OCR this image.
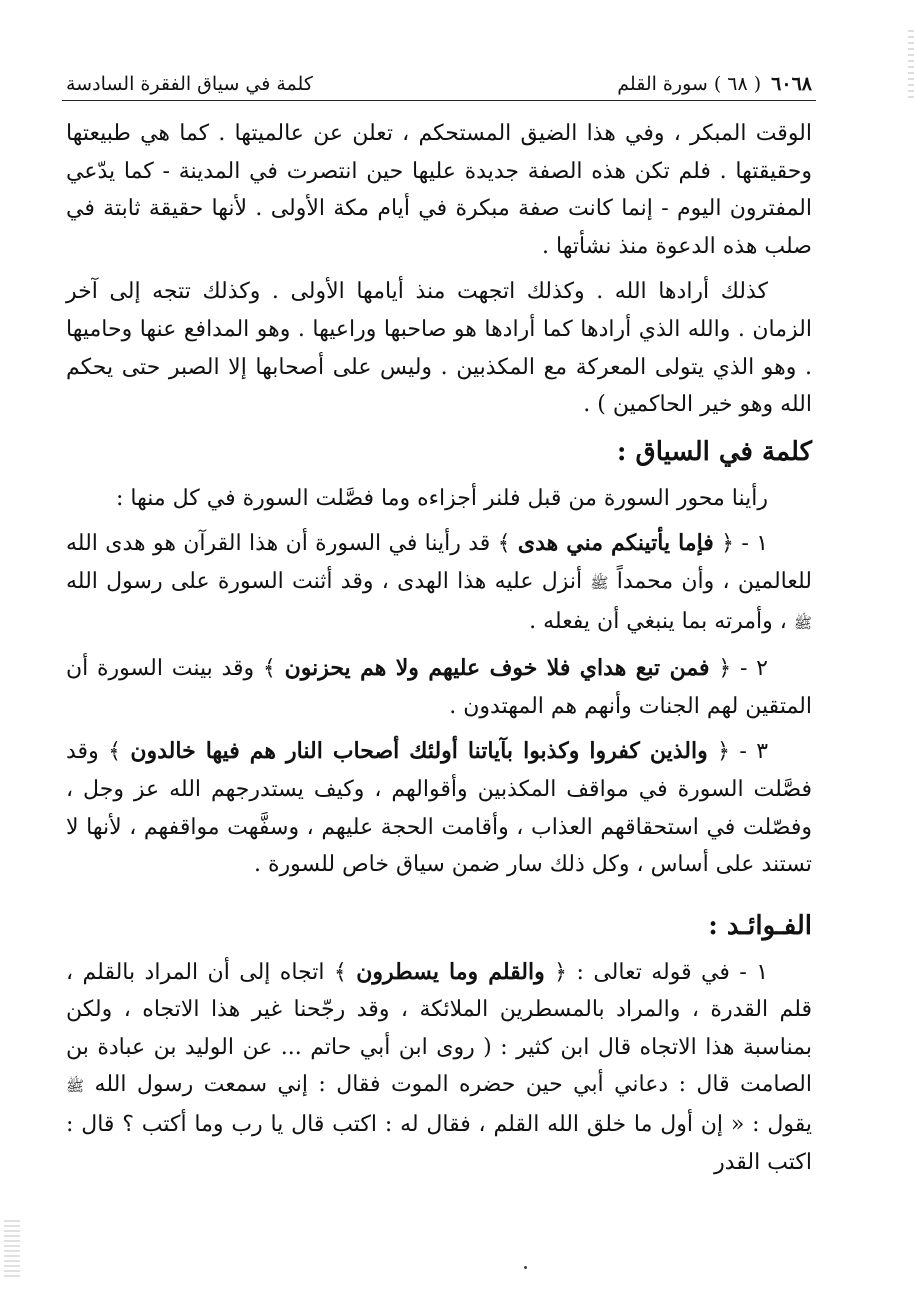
٦٠٦٨
( ٦٨ ) سورة القلم
كلمة في سياق الفقرة السادسة

الوقت المبكر ، وفي هذا الضيق المستحكم ، تعلن عن عالميتها . كما هي طبيعتها وحقيقتها . فلم تكن هذه الصفة جديدة عليها حين انتصرت في المدينة - كما يدّعي المفترون اليوم - إنما كانت صفة مبكرة في أيام مكة الأولى . لأنها حقيقة ثابتة في صلب هذه الدعوة منذ نشأتها .

كذلك أرادها الله . وكذلك اتجهت منذ أيامها الأولى . وكذلك تتجه إلى آخر الزمان . والله الذي أرادها كما أرادها هو صاحبها وراعيها . وهو المدافع عنها وحاميها . وهو الذي يتولى المعركة مع المكذبين . وليس على أصحابها إلا الصبر حتى يحكم الله وهو خير الحاكمين ) .

كلمة في السياق :

رأينا محور السورة من قبل فلنر أجزاءه وما فصَّلت السورة في كل منها :

١ - ﴿ فإما يأتينكم مني هدى ﴾ قد رأينا في السورة أن هذا القرآن هو هدى الله للعالمين ، وأن محمداً ﷺ أنزل عليه هذا الهدى ، وقد أثنت السورة على رسول الله ﷺ ، وأمرته بما ينبغي أن يفعله .

٢ - ﴿ فمن تبع هداي فلا خوف عليهم ولا هم يحزنون ﴾ وقد بينت السورة أن المتقين لهم الجنات وأنهم هم المهتدون .

٣ - ﴿ والذين كفروا وكذبوا بآياتنا أولئك أصحاب النار هم فيها خالدون ﴾ وقد فصَّلت السورة في مواقف المكذبين وأقوالهم ، وكيف يستدرجهم الله عز وجل ، وفصّلت في استحقاقهم العذاب ، وأقامت الحجة عليهم ، وسفَّهت مواقفهم ، لأنها لا تستند على أساس ، وكل ذلك سار ضمن سياق خاص للسورة .

الفـوائـد :

١ - في قوله تعالى : ﴿ والقلم وما يسطرون ﴾ اتجاه إلى أن المراد بالقلم ، قلم القدرة ، والمراد بالمسطرين الملائكة ، وقد رجّحنا غير هذا الاتجاه ، ولكن بمناسبة هذا الاتجاه قال ابن كثير : ( روى ابن أبي حاتم ... عن الوليد بن عبادة بن الصامت قال : دعاني أبي حين حضره الموت فقال : إني سمعت رسول الله ﷺ يقول : « إن أول ما خلق الله القلم ، فقال له : اكتب قال يا رب وما أكتب ؟ قال : اكتب القدر
